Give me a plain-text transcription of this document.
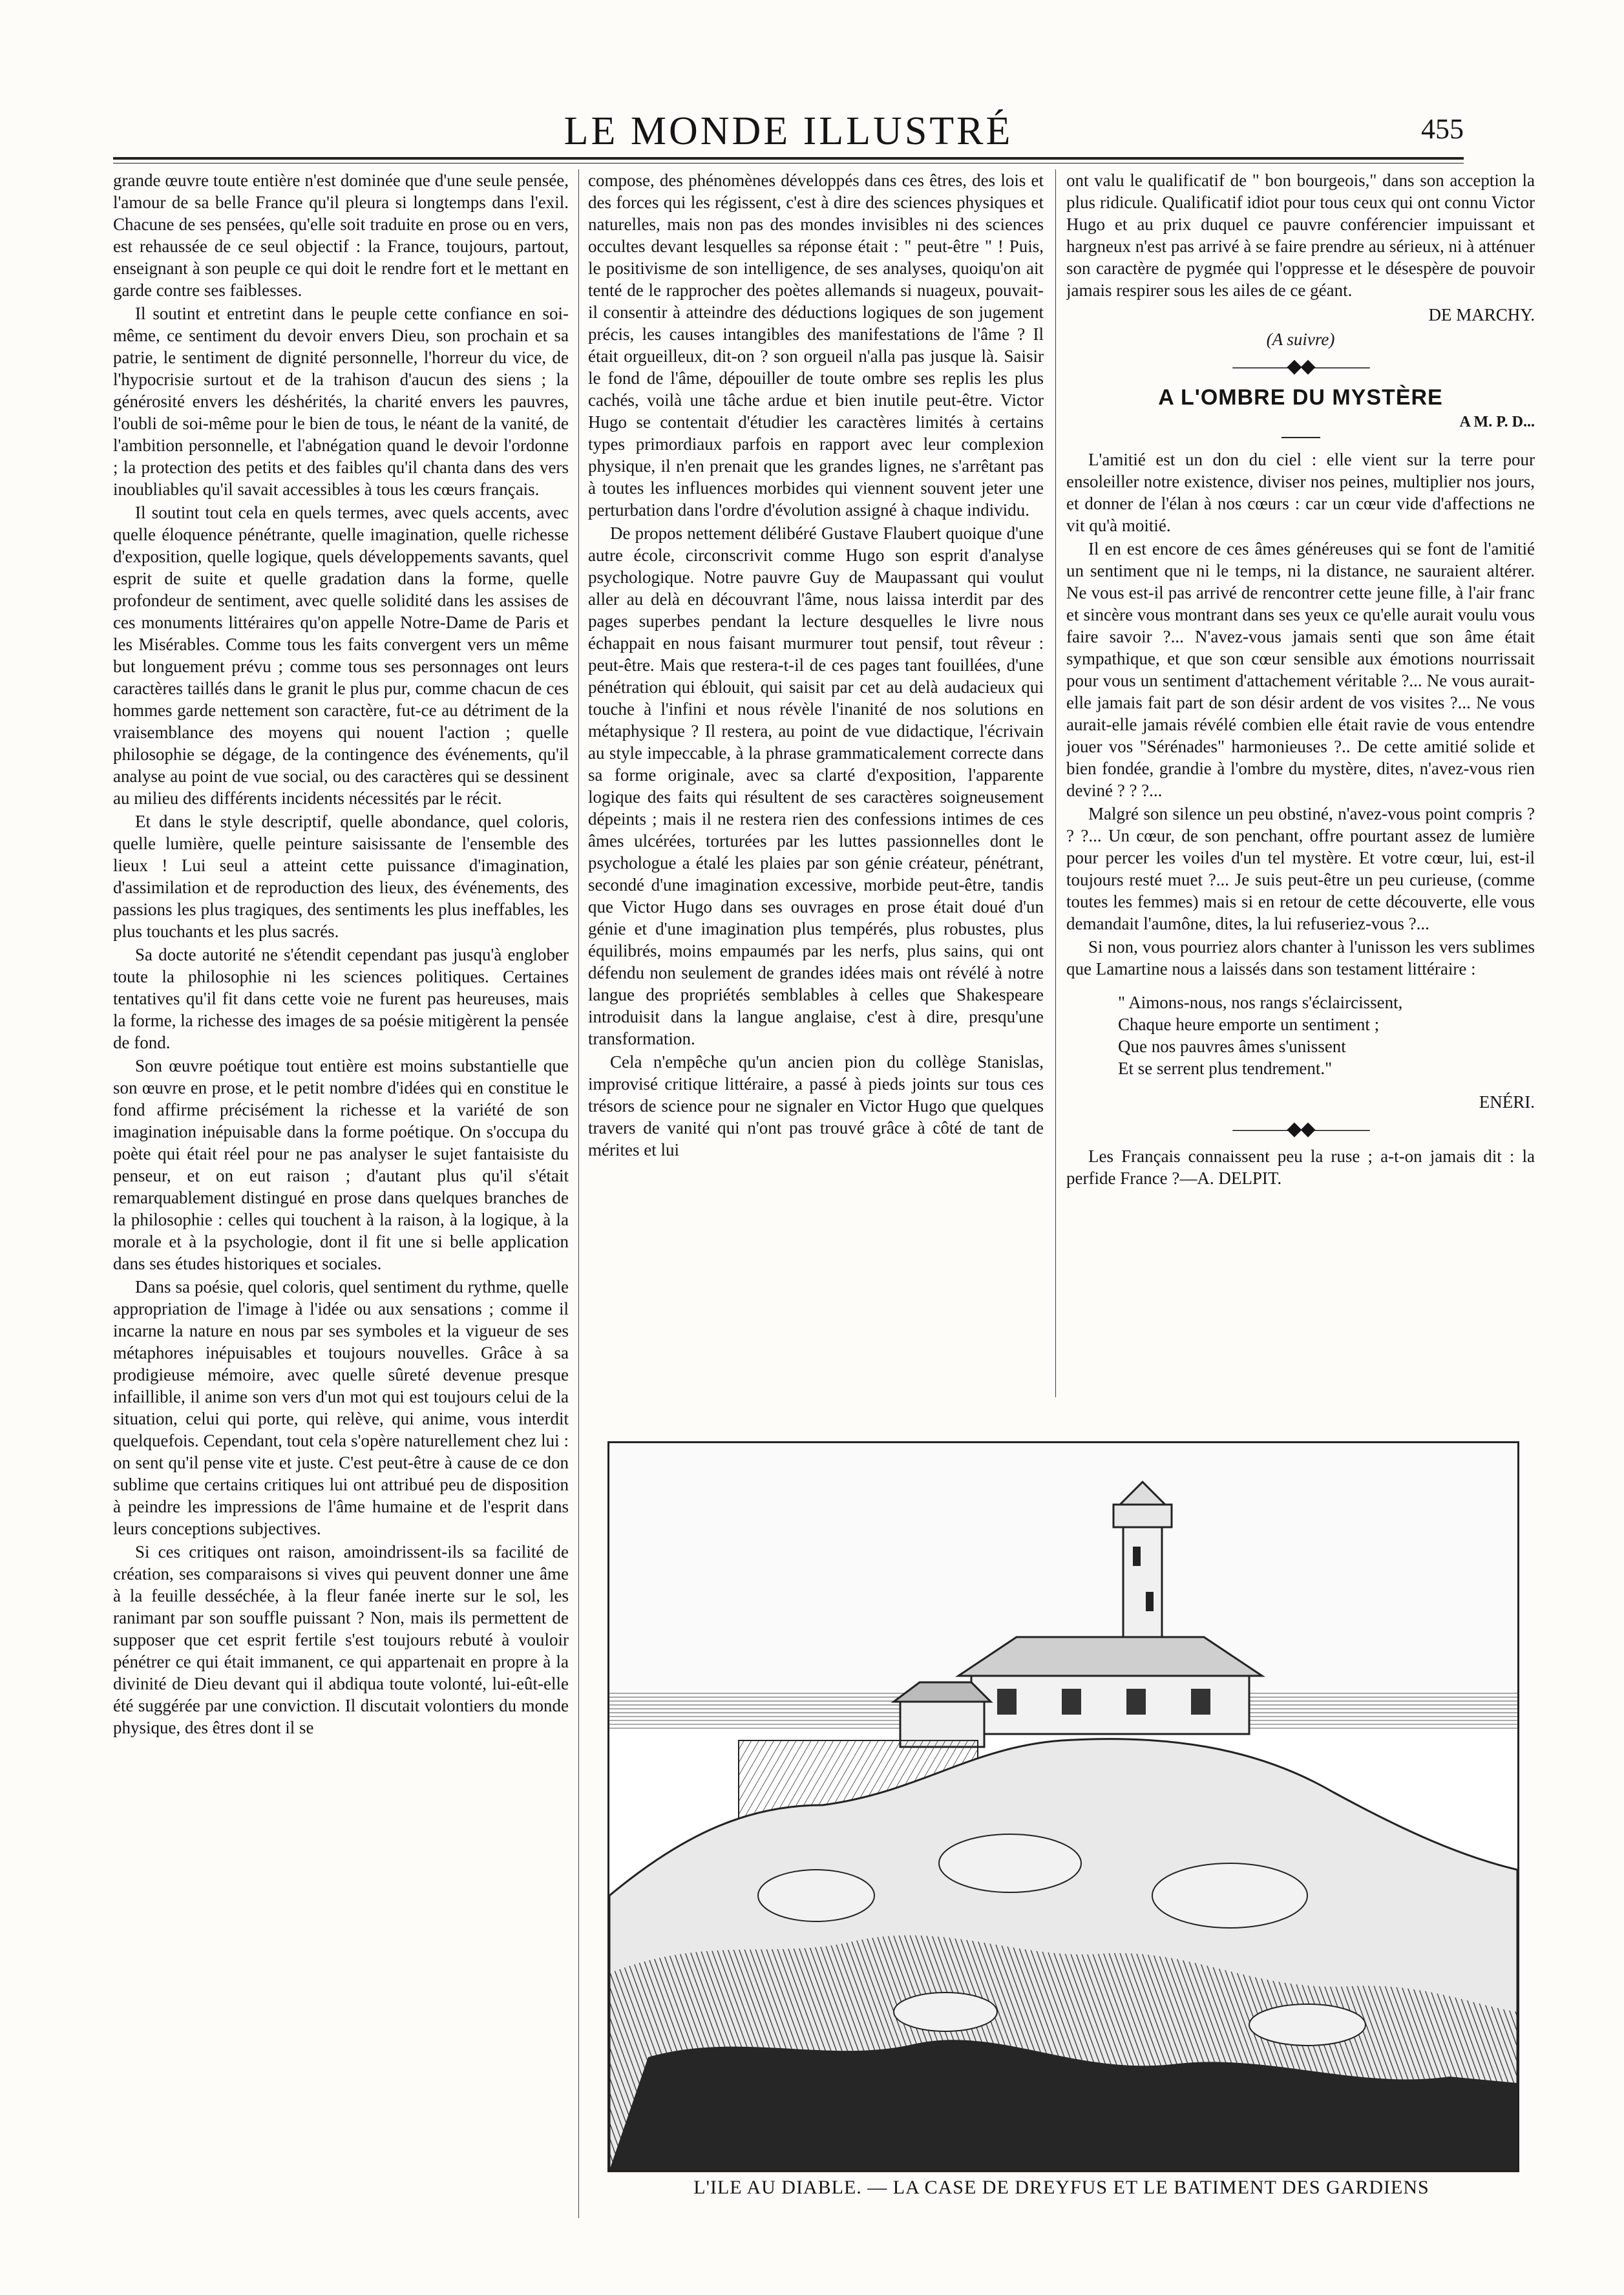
LE MONDE ILLUSTRÉ	455

grande œuvre toute entière n'est dominée que d'une seule pensée, l'amour de sa belle France qu'il pleura si longtemps dans l'exil. Chacune de ses pensées, qu'elle soit traduite en prose ou en vers, est rehaussée de ce seul objectif : la France, toujours, partout, enseignant à son peuple ce qui doit le rendre fort et le mettant en garde contre ses faiblesses.

Il soutint et entretint dans le peuple cette confiance en soi-même, ce sentiment du devoir envers Dieu, son prochain et sa patrie, le sentiment de dignité personnelle, l'horreur du vice, de l'hypocrisie surtout et de la trahison d'aucun des siens ; la générosité envers les déshérités, la charité envers les pauvres, l'oubli de soi-même pour le bien de tous, le néant de la vanité, de l'ambition personnelle, et l'abnégation quand le devoir l'ordonne ; la protection des petits et des faibles qu'il chanta dans des vers inoubliables qu'il savait accessibles à tous les cœurs français.

Il soutint tout cela en quels termes, avec quels accents, avec quelle éloquence pénétrante, quelle imagination, quelle richesse d'exposition, quelle logique, quels développements savants, quel esprit de suite et quelle gradation dans la forme, quelle profondeur de sentiment, avec quelle solidité dans les assises de ces monuments littéraires qu'on appelle Notre-Dame de Paris et les Misérables. Comme tous les faits convergent vers un même but longuement prévu ; comme tous ses personnages ont leurs caractères taillés dans le granit le plus pur, comme chacun de ces hommes garde nettement son caractère, fut-ce au détriment de la vraisemblance des moyens qui nouent l'action ; quelle philosophie se dégage, de la contingence des événements, qu'il analyse au point de vue social, ou des caractères qui se dessinent au milieu des différents incidents nécessités par le récit.

Et dans le style descriptif, quelle abondance, quel coloris, quelle lumière, quelle peinture saisissante de l'ensemble des lieux ! Lui seul a atteint cette puissance d'imagination, d'assimilation et de reproduction des lieux, des événements, des passions les plus tragiques, des sentiments les plus ineffables, les plus touchants et les plus sacrés.

Sa docte autorité ne s'étendit cependant pas jusqu'à englober toute la philosophie ni les sciences politiques. Certaines tentatives qu'il fit dans cette voie ne furent pas heureuses, mais la forme, la richesse des images de sa poésie mitigèrent la pensée de fond.

Son œuvre poétique tout entière est moins substantielle que son œuvre en prose, et le petit nombre d'idées qui en constitue le fond affirme précisément la richesse et la variété de son imagination inépuisable dans la forme poétique. On s'occupa du poète qui était réel pour ne pas analyser le sujet fantaisiste du penseur, et on eut raison ; d'autant plus qu'il s'était remarquablement distingué en prose dans quelques branches de la philosophie : celles qui touchent à la raison, à la logique, à la morale et à la psychologie, dont il fit une si belle application dans ses études historiques et sociales.

Dans sa poésie, quel coloris, quel sentiment du rythme, quelle appropriation de l'image à l'idée ou aux sensations ; comme il incarne la nature en nous par ses symboles et la vigueur de ses métaphores inépuisables et toujours nouvelles. Grâce à sa prodigieuse mémoire, avec quelle sûreté devenue presque infaillible, il anime son vers d'un mot qui est toujours celui de la situation, celui qui porte, qui relève, qui anime, vous interdit quelquefois. Cependant, tout cela s'opère naturellement chez lui : on sent qu'il pense vite et juste. C'est peut-être à cause de ce don sublime que certains critiques lui ont attribué peu de disposition à peindre les impressions de l'âme humaine et de l'esprit dans leurs conceptions subjectives.

Si ces critiques ont raison, amoindrissent-ils sa facilité de création, ses comparaisons si vives qui peuvent donner une âme à la feuille desséchée, à la fleur fanée inerte sur le sol, les ranimant par son souffle puissant ? Non, mais ils permettent de supposer que cet esprit fertile s'est toujours rebuté à vouloir pénétrer ce qui était immanent, ce qui appartenait en propre à la divinité de Dieu devant qui il abdiqua toute volonté, lui-eût-elle été suggérée par une conviction. Il discutait volontiers du monde physique, des êtres dont il se

compose, des phénomènes développés dans ces êtres, des lois et des forces qui les régissent, c'est à dire des sciences physiques et naturelles, mais non pas des mondes invisibles ni des sciences occultes devant lesquelles sa réponse était : " peut-être " ! Puis, le positivisme de son intelligence, de ses analyses, quoiqu'on ait tenté de le rapprocher des poètes allemands si nuageux, pouvait-il consentir à atteindre des déductions logiques de son jugement précis, les causes intangibles des manifestations de l'âme ? Il était orgueilleux, dit-on ? son orgueil n'alla pas jusque là. Saisir le fond de l'âme, dépouiller de toute ombre ses replis les plus cachés, voilà une tâche ardue et bien inutile peut-être. Victor Hugo se contentait d'étudier les caractères limités à certains types primordiaux parfois en rapport avec leur complexion physique, il n'en prenait que les grandes lignes, ne s'arrêtant pas à toutes les influences morbides qui viennent souvent jeter une perturbation dans l'ordre d'évolution assigné à chaque individu.

De propos nettement délibéré Gustave Flaubert quoique d'une autre école, circonscrivit comme Hugo son esprit d'analyse psychologique. Notre pauvre Guy de Maupassant qui voulut aller au delà en découvrant l'âme, nous laissa interdit par des pages superbes pendant la lecture desquelles le livre nous échappait en nous faisant murmurer tout pensif, tout rêveur : peut-être. Mais que restera-t-il de ces pages tant fouillées, d'une pénétration qui éblouit, qui saisit par cet au delà audacieux qui touche à l'infini et nous révèle l'inanité de nos solutions en métaphysique ? Il restera, au point de vue didactique, l'écrivain au style impeccable, à la phrase grammaticalement correcte dans sa forme originale, avec sa clarté d'exposition, l'apparente logique des faits qui résultent de ses caractères soigneusement dépeints ; mais il ne restera rien des confessions intimes de ces âmes ulcérées, torturées par les luttes passionnelles dont le psychologue a étalé les plaies par son génie créateur, pénétrant, secondé d'une imagination excessive, morbide peut-être, tandis que Victor Hugo dans ses ouvrages en prose était doué d'un génie et d'une imagination plus tempérés, plus robustes, plus équilibrés, moins empaumés par les nerfs, plus sains, qui ont défendu non seulement de grandes idées mais ont révélé à notre langue des propriétés semblables à celles que Shakespeare introduisit dans la langue anglaise, c'est à dire, presqu'une transformation.

Cela n'empêche qu'un ancien pion du collège Stanislas, improvisé critique littéraire, a passé à pieds joints sur tous ces trésors de science pour ne signaler en Victor Hugo que quelques travers de vanité qui n'ont pas trouvé grâce à côté de tant de mérites et lui

ont valu le qualificatif de " bon bourgeois," dans son acception la plus ridicule. Qualificatif idiot pour tous ceux qui ont connu Victor Hugo et au prix duquel ce pauvre conférencier impuissant et hargneux n'est pas arrivé à se faire prendre au sérieux, ni à atténuer son caractère de pygmée qui l'oppresse et le désespère de pouvoir jamais respirer sous les ailes de ce géant.

DE MARCHY.
(A suivre)
———◆◆———
A L'OMBRE DU MYSTÈRE
A M. P. D...

L'amitié est un don du ciel : elle vient sur la terre pour ensoleiller notre existence, diviser nos peines, multiplier nos jours, et donner de l'élan à nos cœurs : car un cœur vide d'affections ne vit qu'à moitié.

Il en est encore de ces âmes généreuses qui se font de l'amitié un sentiment que ni le temps, ni la distance, ne sauraient altérer. Ne vous est-il pas arrivé de rencontrer cette jeune fille, à l'air franc et sincère vous montrant dans ses yeux ce qu'elle aurait voulu vous faire savoir ?... N'avez-vous jamais senti que son âme était sympathique, et que son cœur sensible aux émotions nourrissait pour vous un sentiment d'attachement véritable ?... Ne vous aurait-elle jamais fait part de son désir ardent de vos visites ?... Ne vous aurait-elle jamais révélé combien elle était ravie de vous entendre jouer vos "Sérénades" harmonieuses ?.. De cette amitié solide et bien fondée, grandie à l'ombre du mystère, dites, n'avez-vous rien deviné ? ? ?...

Malgré son silence un peu obstiné, n'avez-vous point compris ? ? ?... Un cœur, de son penchant, offre pourtant assez de lumière pour percer les voiles d'un tel mystère. Et votre cœur, lui, est-il toujours resté muet ?... Je suis peut-être un peu curieuse, (comme toutes les femmes) mais si en retour de cette découverte, elle vous demandait l'aumône, dites, la lui refuseriez-vous ?...

Si non, vous pourriez alors chanter à l'unisson les vers sublimes que Lamartine nous a laissés dans son testament littéraire :

" Aimons-nous, nos rangs s'éclaircissent,
Chaque heure emporte un sentiment ;
Que nos pauvres âmes s'unissent
Et se serrent plus tendrement."
ENÉRI.
———◆◆———

Les Français connaissent peu la ruse ; a-t-on jamais dit : la perfide France ?—A. DELPIT.

L'ILE AU DIABLE. — LA CASE DE DREYFUS ET LE BATIMENT DES GARDIENS
